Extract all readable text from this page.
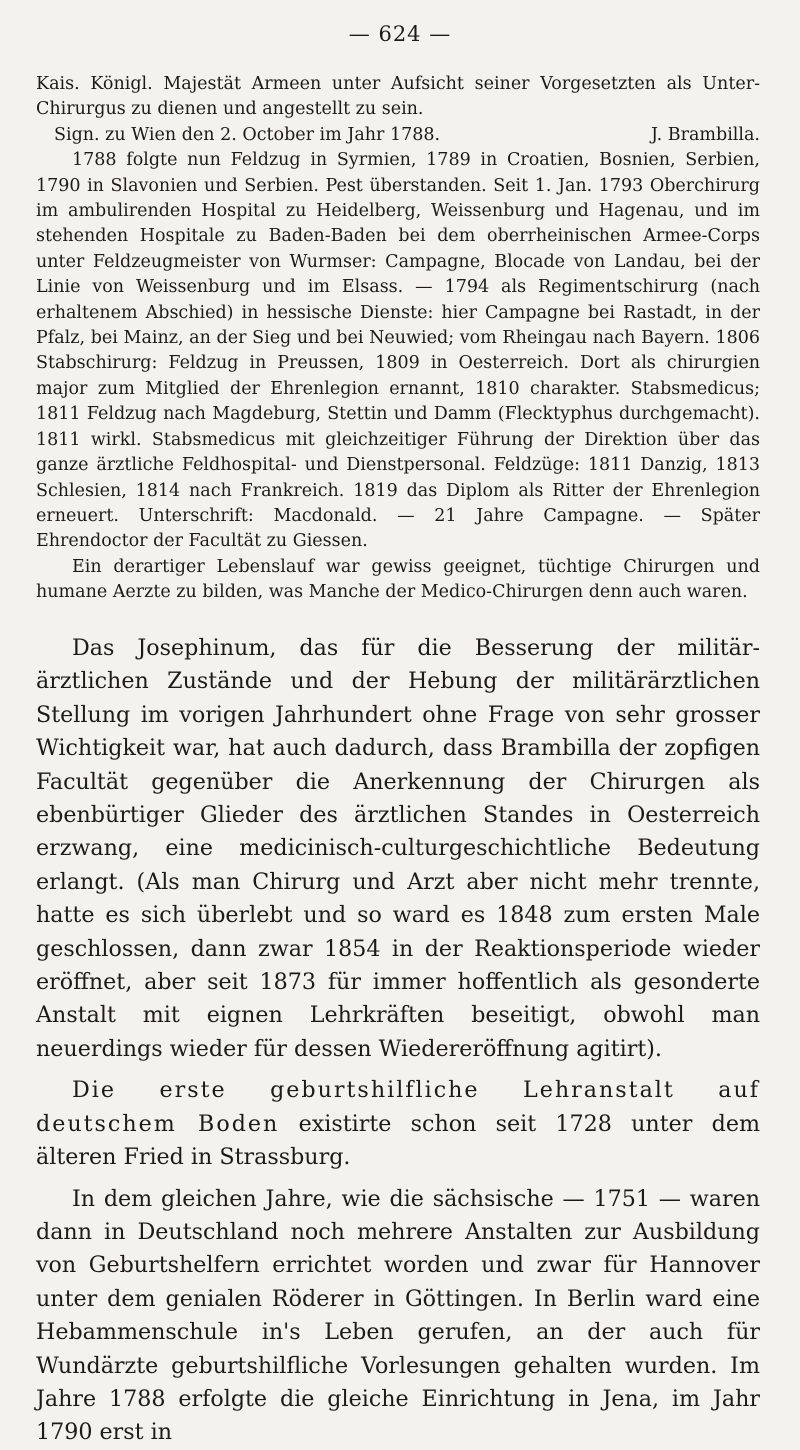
— 624 —

Kais. Königl. Majestät Armeen unter Aufsicht seiner Vorgesetzten als Unter-Chirurgus zu dienen und angestellt zu sein.

Sign. zu Wien den 2. October im Jahr 1788.	J. Brambilla.

1788 folgte nun Feldzug in Syrmien, 1789 in Croatien, Bosnien, Serbien, 1790 in Slavonien und Serbien. Pest überstanden. Seit 1. Jan. 1793 Oberchirurg im ambulirenden Hospital zu Heidelberg, Weissenburg und Hagenau, und im stehenden Hospitale zu Baden-Baden bei dem oberrheinischen Armee-Corps unter Feldzeugmeister von Wurmser: Campagne, Blocade von Landau, bei der Linie von Weissenburg und im Elsass. — 1794 als Regimentschirurg (nach erhaltenem Abschied) in hessische Dienste: hier Campagne bei Rastadt, in der Pfalz, bei Mainz, an der Sieg und bei Neuwied; vom Rheingau nach Bayern. 1806 Stabschirurg: Feldzug in Preussen, 1809 in Oesterreich. Dort als chirurgien major zum Mitglied der Ehrenlegion ernannt, 1810 charakter. Stabsmedicus; 1811 Feldzug nach Magdeburg, Stettin und Damm (Flecktyphus durchgemacht). 1811 wirkl. Stabsmedicus mit gleichzeitiger Führung der Direktion über das ganze ärztliche Feldhospital- und Dienstpersonal. Feldzüge: 1811 Danzig, 1813 Schlesien, 1814 nach Frankreich. 1819 das Diplom als Ritter der Ehrenlegion erneuert. Unterschrift: Macdonald. — 21 Jahre Campagne. — Später Ehrendoctor der Facultät zu Giessen.

Ein derartiger Lebenslauf war gewiss geeignet, tüchtige Chirurgen und humane Aerzte zu bilden, was Manche der Medico-Chirurgen denn auch waren.

Das Josephinum, das für die Besserung der militär-ärztlichen Zustände und der Hebung der militärärztlichen Stellung im vorigen Jahrhundert ohne Frage von sehr grosser Wichtigkeit war, hat auch dadurch, dass Brambilla der zopfigen Facultät gegenüber die Anerkennung der Chirurgen als ebenbürtiger Glieder des ärztlichen Standes in Oesterreich erzwang, eine medicinisch-culturgeschichtliche Bedeutung erlangt. (Als man Chirurg und Arzt aber nicht mehr trennte, hatte es sich überlebt und so ward es 1848 zum ersten Male geschlossen, dann zwar 1854 in der Reaktionsperiode wieder eröffnet, aber seit 1873 für immer hoffentlich als gesonderte Anstalt mit eignen Lehrkräften beseitigt, obwohl man neuerdings wieder für dessen Wiedereröffnung agitirt).

Die erste geburtshilfliche Lehranstalt auf deutschem Boden existirte schon seit 1728 unter dem älteren Fried in Strassburg.

In dem gleichen Jahre, wie die sächsische — 1751 — waren dann in Deutschland noch mehrere Anstalten zur Ausbildung von Geburtshelfern errichtet worden und zwar für Hannover unter dem genialen Röderer in Göttingen. In Berlin ward eine Hebammenschule in's Leben gerufen, an der auch für Wundärzte geburtshilfliche Vorlesungen gehalten wurden. Im Jahre 1788 erfolgte die gleiche Einrichtung in Jena, im Jahr 1790 erst in
